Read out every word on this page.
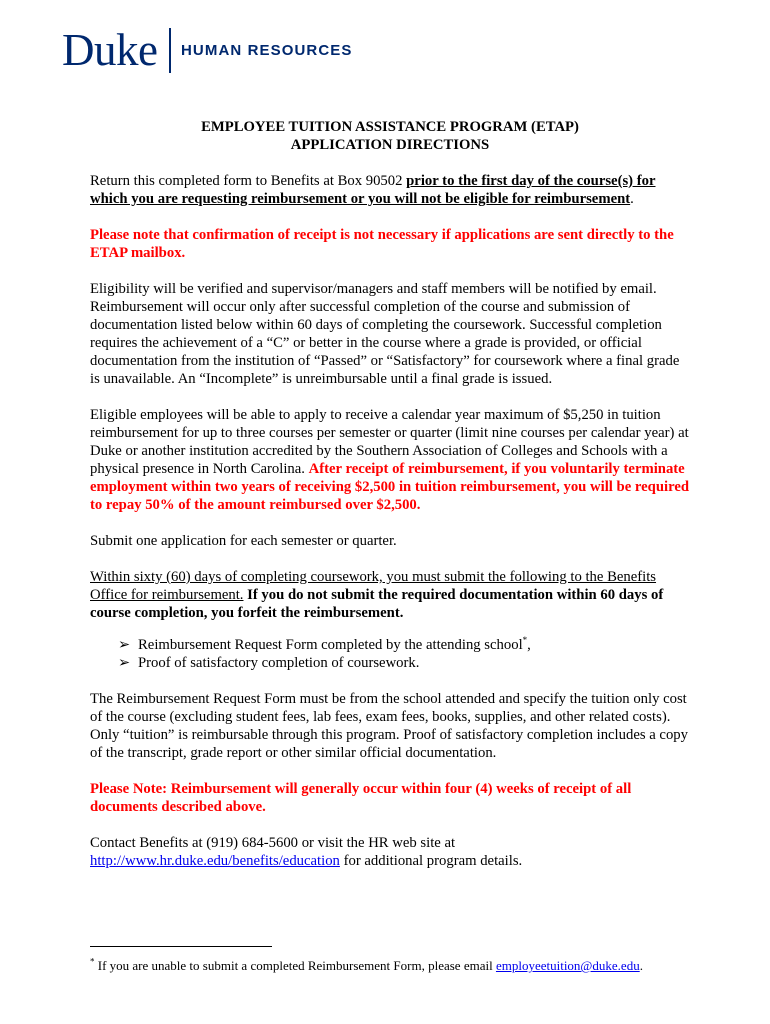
Duke HUMAN RESOURCES
EMPLOYEE TUITION ASSISTANCE PROGRAM (ETAP)
APPLICATION DIRECTIONS

Return this completed form to Benefits at Box 90502 prior to the first day of the course(s) for which you are requesting reimbursement or you will not be eligible for reimbursement.

Please note that confirmation of receipt is not necessary if applications are sent directly to the ETAP mailbox.

Eligibility will be verified and supervisor/managers and staff members will be notified by email. Reimbursement will occur only after successful completion of the course and submission of documentation listed below within 60 days of completing the coursework. Successful completion requires the achievement of a “C” or better in the course where a grade is provided, or official documentation from the institution of “Passed” or “Satisfactory” for coursework where a final grade is unavailable. An “Incomplete” is unreimbursable until a final grade is issued.

Eligible employees will be able to apply to receive a calendar year maximum of $5,250 in tuition reimbursement for up to three courses per semester or quarter (limit nine courses per calendar year) at Duke or another institution accredited by the Southern Association of Colleges and Schools with a physical presence in North Carolina. After receipt of reimbursement, if you voluntarily terminate employment within two years of receiving $2,500 in tuition reimbursement, you will be required to repay 50% of the amount reimbursed over $2,500.

Submit one application for each semester or quarter.

Within sixty (60) days of completing coursework, you must submit the following to the Benefits Office for reimbursement. If you do not submit the required documentation within 60 days of course completion, you forfeit the reimbursement.

➢ Reimbursement Request Form completed by the attending school*,
➢ Proof of satisfactory completion of coursework.

The Reimbursement Request Form must be from the school attended and specify the tuition only cost of the course (excluding student fees, lab fees, exam fees, books, supplies, and other related costs). Only “tuition” is reimbursable through this program. Proof of satisfactory completion includes a copy of the transcript, grade report or other similar official documentation.

Please Note: Reimbursement will generally occur within four (4) weeks of receipt of all documents described above.

Contact Benefits at (919) 684-5600 or visit the HR web site at
http://www.hr.duke.edu/benefits/education for additional program details.

* If you are unable to submit a completed Reimbursement Form, please email employeetuition@duke.edu.
